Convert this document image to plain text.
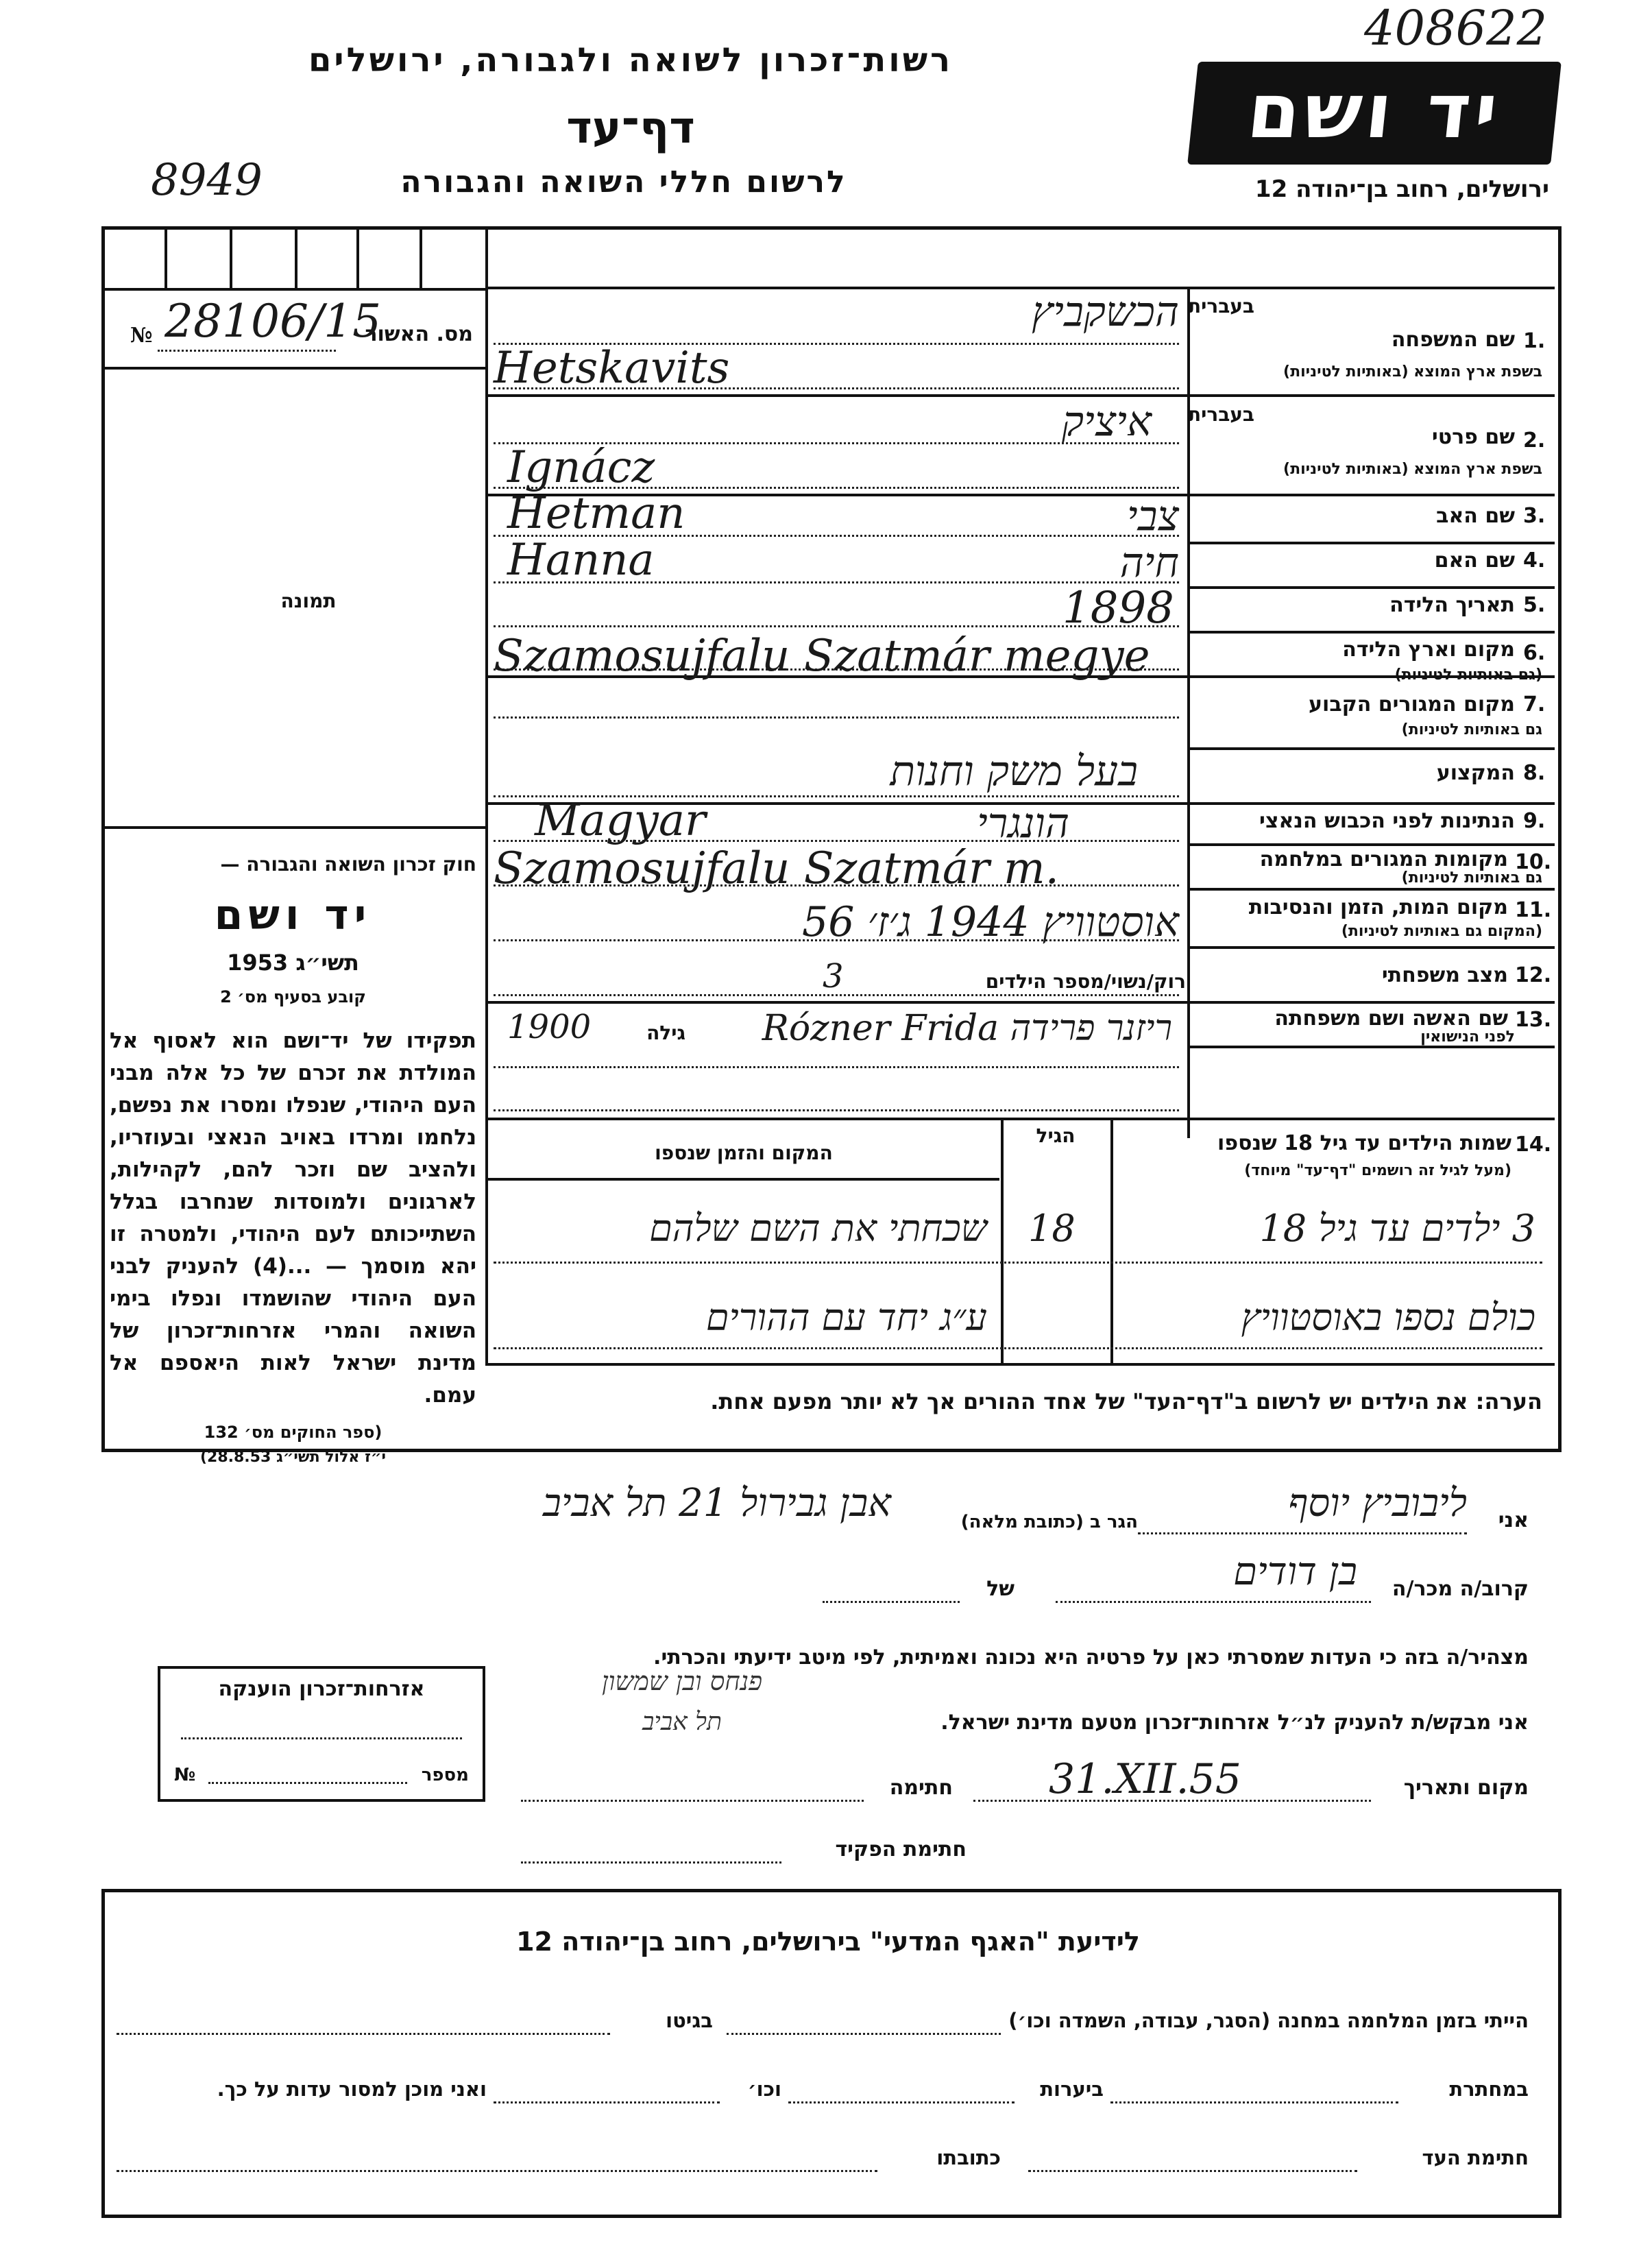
408622
רשות־זכרון לשואה ולגבורה, ירושלים
דף־עד
לרשום חללי השואה והגבורה
8949
יד ושם
ירושלים, רחוב בן־יהודה 12
מס. האשור
№ 28106/15
תמונה
חוק זכרון השואה והגבורה —
יד ושם
תשי״ג 1953
קובע בסעיף מס׳ 2
תפקידו של יד־ושם הוא לאסוף אל המולדת את זכרם של כל אלה מבני העם היהודי, שנפלו ומסרו את נפשם, נלחמו ומרדו באויב הנאצי ובעוזריו, ולהציב שם וזכר להם, לקהילות, לארגונים ולמוסדות שנחרבו בגלל השתייכותם לעם היהודי, ולמטרה זו יהא מוסמך — ...(4) להעניק לבני העם היהודי שהושמדו ונפלו בימי השואה והמרי אזרחות־זכרון של מדינת ישראל לאות היאספם אל עמם.
(ספר החוקים מס׳ 132
י״ז אלול תשי״ג 28.8.53)
1.
שם המשפחה
בשפת ארץ המוצא (באותיות לטיניות)
בעברית
הכשקביץ
Hetskavits
2.
שם פרטי
בשפת ארץ המוצא (באותיות לטיניות)
בעברית
איציק
Ignácz
3.
שם האב
צבי
Hetman
4.
שם האם
חיה
Hanna
5.
תאריך הלידה
1898
6.
מקום וארץ הלידה
(גם באותיות לטיניות)
Szamosujfalu Szatmár megye
7.
מקום המגורים הקבוע
גם באותיות לטיניות)
8.
המקצוע
בעל משק וחנות
9.
הנתינות לפני הכבוש הנאצי
הונגרי
Magyar
10.
מקומות המגורים במלחמה
גם באותיות לטיניות)
Szamosujfalu Szatmár m.
11.
מקום המות, הזמן והנסיבות
(המקום גם באותיות לטיניות)
אוסטוויץ 1944 ג׳ז׳ 56
12.
מצב משפחתי
רוק/נשוי/מספר הילדים
3
13.
שם האשה ושם משפחתה
לפני הנישואין
ריזנר פרידה Rózner Frida
גילה
1900
14.
שמות הילדים עד גיל 18 שנספו
(מעל לגיל זה רושמים "דף־עד" מיוחד)
הגיל
המקום והזמן שנספו
3 ילדים עד גיל 18
18
שכחתי את השם שלהם
כולם נספו באוסטוויץ
ע״ג יחד עם ההורים
הערה: את הילדים יש לרשום ב"דף־העד" של אחד ההורים אך לא יותר מפעם אחת.
אני
ליבוביץ יוסף
הגר ב (כתובת מלאה)
אבן גבירול 21 תל אביב
קרוב/ה מכר/ה
בן דודים
של
מצהיר/ה בזה כי העדות שמסרתי כאן על פרטיה היא נכונה ואמיתית, לפי מיטב ידיעתי והכרתי.
אני מבקש/ת להעניק לנ״ל אזרחות־זכרון מטעם מדינת ישראל.
פנחס ובן שמשון
תל אביב
מקום ותאריך
31.XII.55
חתימה
חתימת הפקיד
אזרחות־זכרון הוענקה
מספר
№
לידיעת "האגף המדעי" בירושלים, רחוב בן־יהודה 12
הייתי בזמן המלחמה במחנה (הסגר, עבודה, השמדה וכו׳)
בגיטו
במחתרת
ביערות
וכו׳
ואני מוכן למסור עדות על כך.
חתימת העד
כתובתו
